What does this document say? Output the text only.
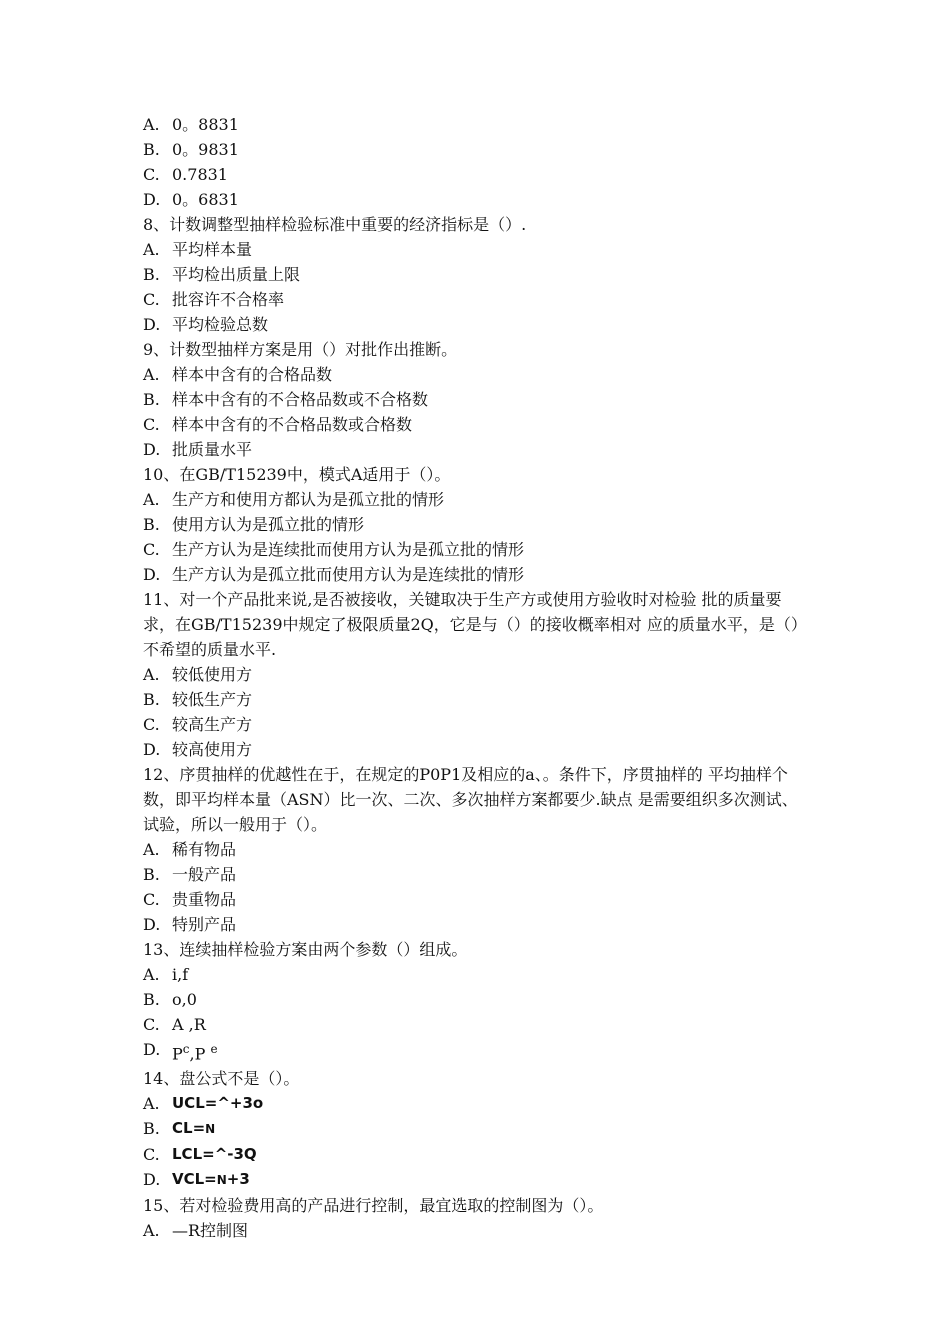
A. 0。8831
B. 0。9831
C. 0.7831
D. 0。6831
8、计数调整型抽样检验标准中重要的经济指标是（）.
A. 平均样本量
B. 平均检出质量上限
C. 批容许不合格率
D. 平均检验总数
9、计数型抽样方案是用（）对批作出推断。
A. 样本中含有的合格品数
B. 样本中含有的不合格品数或不合格数
C. 样本中含有的不合格品数或合格数
D. 批质量水平
10、在GB/T15239中，模式A适用于（）。
A. 生产方和使用方都认为是孤立批的情形
B. 使用方认为是孤立批的情形
C. 生产方认为是连续批而使用方认为是孤立批的情形
D. 生产方认为是孤立批而使用方认为是连续批的情形
11、对一个产品批来说,是否被接收，关键取决于生产方或使用方验收时对检验 批的质量要求，在GB/T15239中规定了极限质量2Q，它是与（）的接收概率相对 应的质量水平，是（）不希望的质量水平.
A. 较低使用方
B. 较低生产方
C. 较高生产方
D. 较高使用方
12、序贯抽样的优越性在于，在规定的P0P1及相应的a、。条件下，序贯抽样的 平均抽样个数，即平均样本量（ASN）比一次、二次、多次抽样方案都要少.缺点 是需要组织多次测试、试验，所以一般用于（）。
A. 稀有物品
B. 一般产品
C. 贵重物品
D. 特别产品
13、连续抽样检验方案由两个参数（）组成。
A. i,f
B. o,0
C. A ,R
D. $P^c,P$ $^e$
14、盘公式不是（）。
A. UCL=^+3o
B. CL=N
C. LCL=^-3Q
D. VCL=N+3
15、若对检验费用高的产品进行控制，最宜选取的控制图为（）。
A. —R控制图
